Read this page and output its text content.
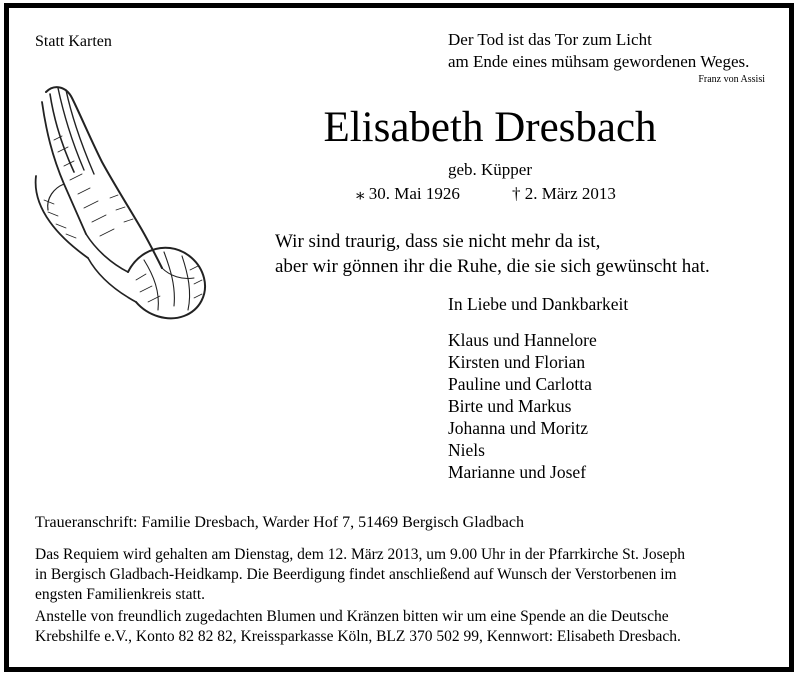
Statt Karten	Der Tod ist das Tor zum Licht
am Ende eines mühsam gewordenen Weges.
Franz von Assisi
Elisabeth Dresbach
geb. Küpper
⁎ 30. Mai 1926	† 2. März 2013
Wir sind traurig, dass sie nicht mehr da ist,
aber wir gönnen ihr die Ruhe, die sie sich gewünscht hat.
In Liebe und Dankbarkeit
Klaus und Hannelore
Kirsten und Florian
Pauline und Carlotta
Birte und Markus
Johanna und Moritz
Niels
Marianne und Josef
Traueranschrift: Familie Dresbach, Warder Hof 7, 51469 Bergisch Gladbach
Das Requiem wird gehalten am Dienstag, dem 12. März 2013, um 9.00 Uhr in der Pfarrkirche St. Joseph
in Bergisch Gladbach-Heidkamp. Die Beerdigung findet anschließend auf Wunsch der Verstorbenen im
engsten Familienkreis statt.
Anstelle von freundlich zugedachten Blumen und Kränzen bitten wir um eine Spende an die Deutsche
Krebshilfe e.V., Konto 82 82 82, Kreissparkasse Köln, BLZ 370 502 99, Kennwort: Elisabeth Dresbach.
